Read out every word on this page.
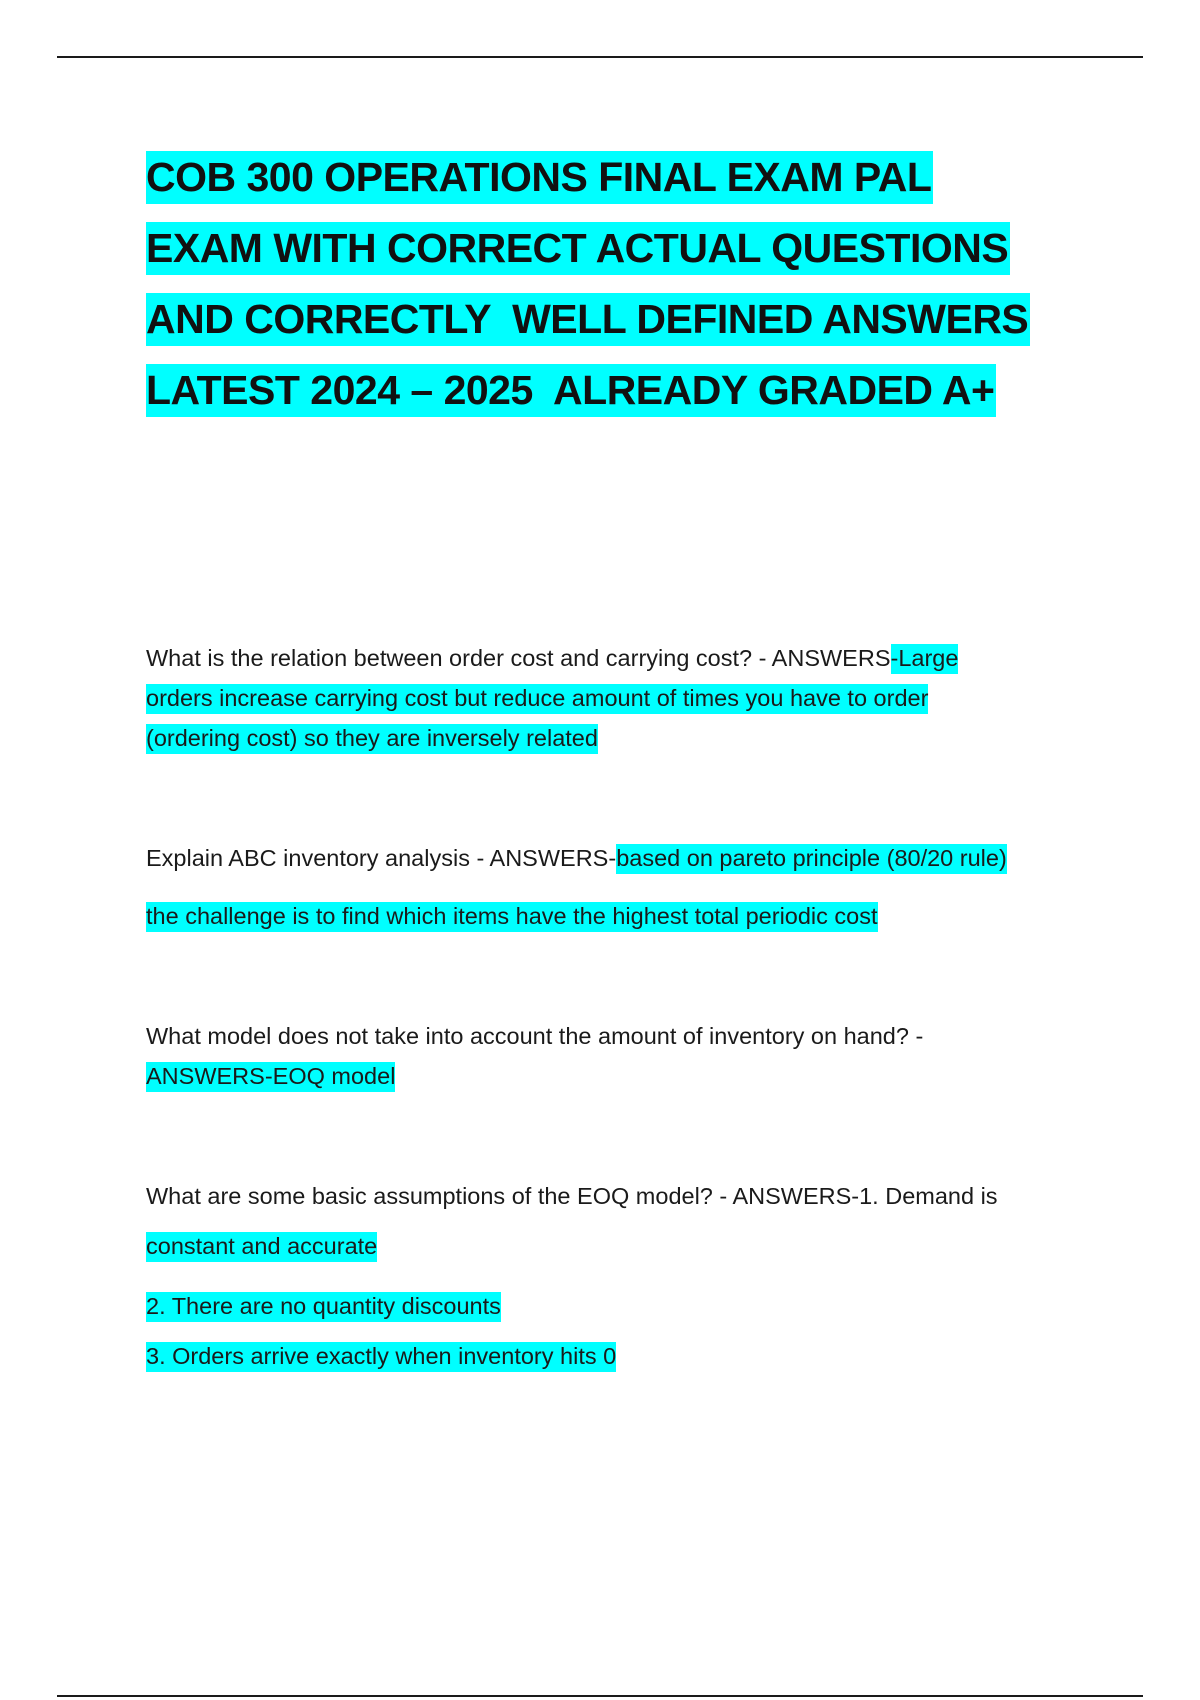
COB 300 OPERATIONS FINAL EXAM PAL
EXAM WITH CORRECT ACTUAL QUESTIONS
AND CORRECTLY  WELL DEFINED ANSWERS
LATEST 2024 – 2025  ALREADY GRADED A+
What is the relation between order cost and carrying cost? - ANSWERS-Large
orders increase carrying cost but reduce amount of times you have to order
(ordering cost) so they are inversely related
Explain ABC inventory analysis - ANSWERS-based on pareto principle (80/20 rule)
the challenge is to find which items have the highest total periodic cost
What model does not take into account the amount of inventory on hand? -
ANSWERS-EOQ model
What are some basic assumptions of the EOQ model? - ANSWERS-1. Demand is
constant and accurate
2. There are no quantity discounts
3. Orders arrive exactly when inventory hits 0
